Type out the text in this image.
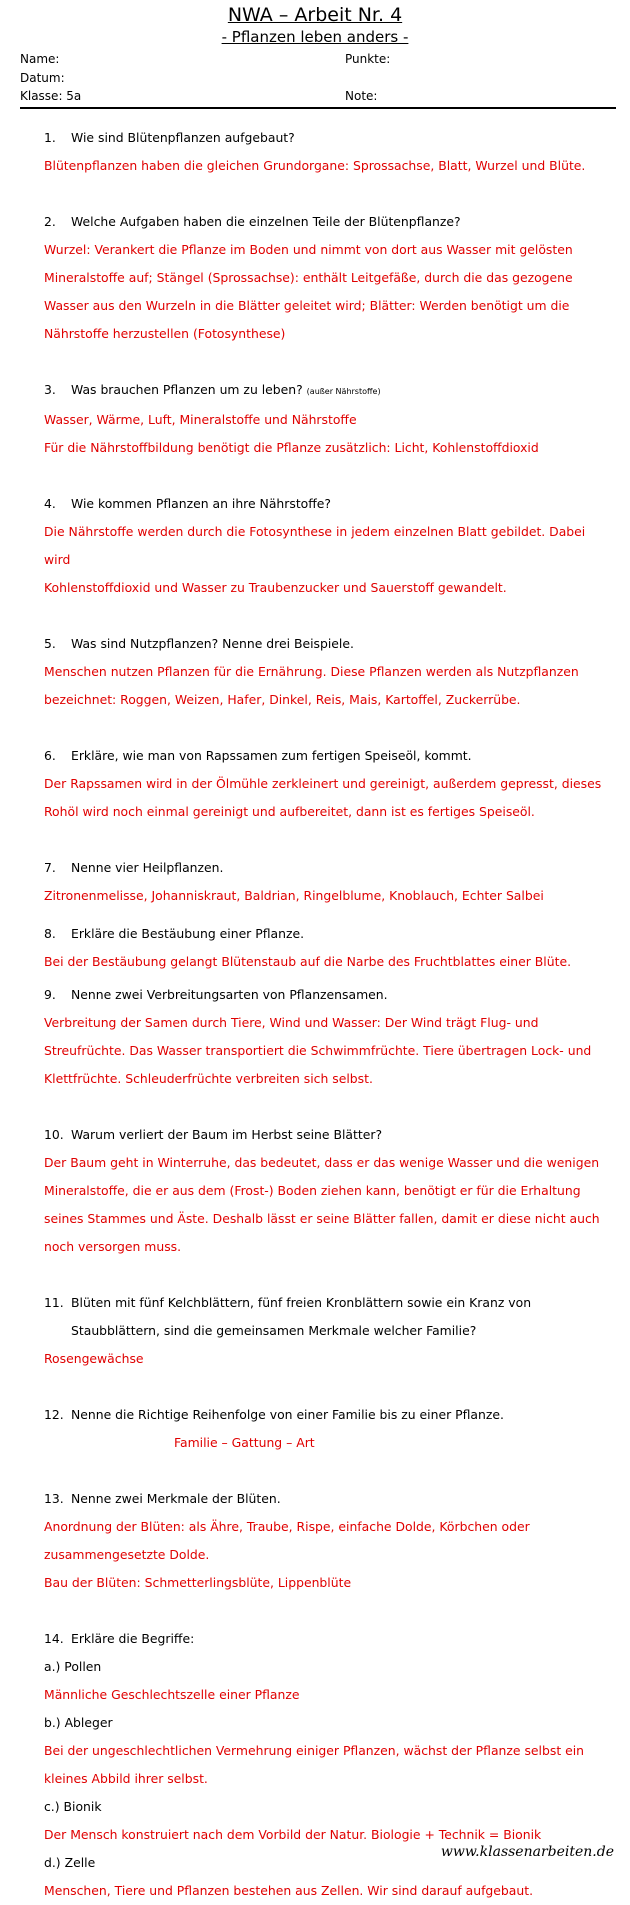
NWA – Arbeit Nr. 4
- Pflanzen leben anders -
Name:
Datum:
Klasse: 5a
Punkte:
Note:
1. Wie sind Blütenpflanzen aufgebaut?
Blütenpflanzen haben die gleichen Grundorgane: Sprossachse, Blatt, Wurzel und Blüte.
2. Welche Aufgaben haben die einzelnen Teile der Blütenpflanze?
Wurzel: Verankert die Pflanze im Boden und nimmt von dort aus Wasser mit gelösten
Mineralstoffe auf; Stängel (Sprossachse): enthält Leitgefäße, durch die das gezogene
Wasser aus den Wurzeln in die Blätter geleitet wird; Blätter: Werden benötigt um die
Nährstoffe herzustellen (Fotosynthese)
3. Was brauchen Pflanzen um zu leben? (außer Nährstoffe)
Wasser, Wärme, Luft, Mineralstoffe und Nährstoffe
Für die Nährstoffbildung benötigt die Pflanze zusätzlich: Licht, Kohlenstoffdioxid
4. Wie kommen Pflanzen an ihre Nährstoffe?
Die Nährstoffe werden durch die Fotosynthese in jedem einzelnen Blatt gebildet. Dabei wird
Kohlenstoffdioxid und Wasser zu Traubenzucker und Sauerstoff gewandelt.
5. Was sind Nutzpflanzen? Nenne drei Beispiele.
Menschen nutzen Pflanzen für die Ernährung. Diese Pflanzen werden als Nutzpflanzen
bezeichnet: Roggen, Weizen, Hafer, Dinkel, Reis, Mais, Kartoffel, Zuckerrübe.
6. Erkläre, wie man von Rapssamen zum fertigen Speiseöl, kommt.
Der Rapssamen wird in der Ölmühle zerkleinert und gereinigt, außerdem gepresst, dieses
Rohöl wird noch einmal gereinigt und aufbereitet, dann ist es fertiges Speiseöl.
7. Nenne vier Heilpflanzen.
Zitronenmelisse, Johanniskraut, Baldrian, Ringelblume, Knoblauch, Echter Salbei
8. Erkläre die Bestäubung einer Pflanze.
Bei der Bestäubung gelangt Blütenstaub auf die Narbe des Fruchtblattes einer Blüte.
9. Nenne zwei Verbreitungsarten von Pflanzensamen.
Verbreitung der Samen durch Tiere, Wind und Wasser: Der Wind trägt Flug- und
Streufrüchte. Das Wasser transportiert die Schwimmfrüchte. Tiere übertragen Lock- und
Klettfrüchte. Schleuderfrüchte verbreiten sich selbst.
10. Warum verliert der Baum im Herbst seine Blätter?
Der Baum geht in Winterruhe, das bedeutet, dass er das wenige Wasser und die wenigen
Mineralstoffe, die er aus dem (Frost-) Boden ziehen kann, benötigt er für die Erhaltung
seines Stammes und Äste. Deshalb lässt er seine Blätter fallen, damit er diese nicht auch
noch versorgen muss.
11. Blüten mit fünf Kelchblättern, fünf freien Kronblättern sowie ein Kranz von
Staubblättern, sind die gemeinsamen Merkmale welcher Familie?
Rosengewächse
12. Nenne die Richtige Reihenfolge von einer Familie bis zu einer Pflanze.
Familie – Gattung – Art
13. Nenne zwei Merkmale der Blüten.
Anordnung der Blüten: als Ähre, Traube, Rispe, einfache Dolde, Körbchen oder
zusammengesetzte Dolde.
Bau der Blüten: Schmetterlingsblüte, Lippenblüte
14. Erkläre die Begriffe:
a.) Pollen
Männliche Geschlechtszelle einer Pflanze
b.) Ableger
Bei der ungeschlechtlichen Vermehrung einiger Pflanzen, wächst der Pflanze selbst ein
kleines Abbild ihrer selbst.
c.) Bionik
Der Mensch konstruiert nach dem Vorbild der Natur. Biologie + Technik = Bionik
d.) Zelle
Menschen, Tiere und Pflanzen bestehen aus Zellen. Wir sind darauf aufgebaut.
www.klassenarbeiten.de
